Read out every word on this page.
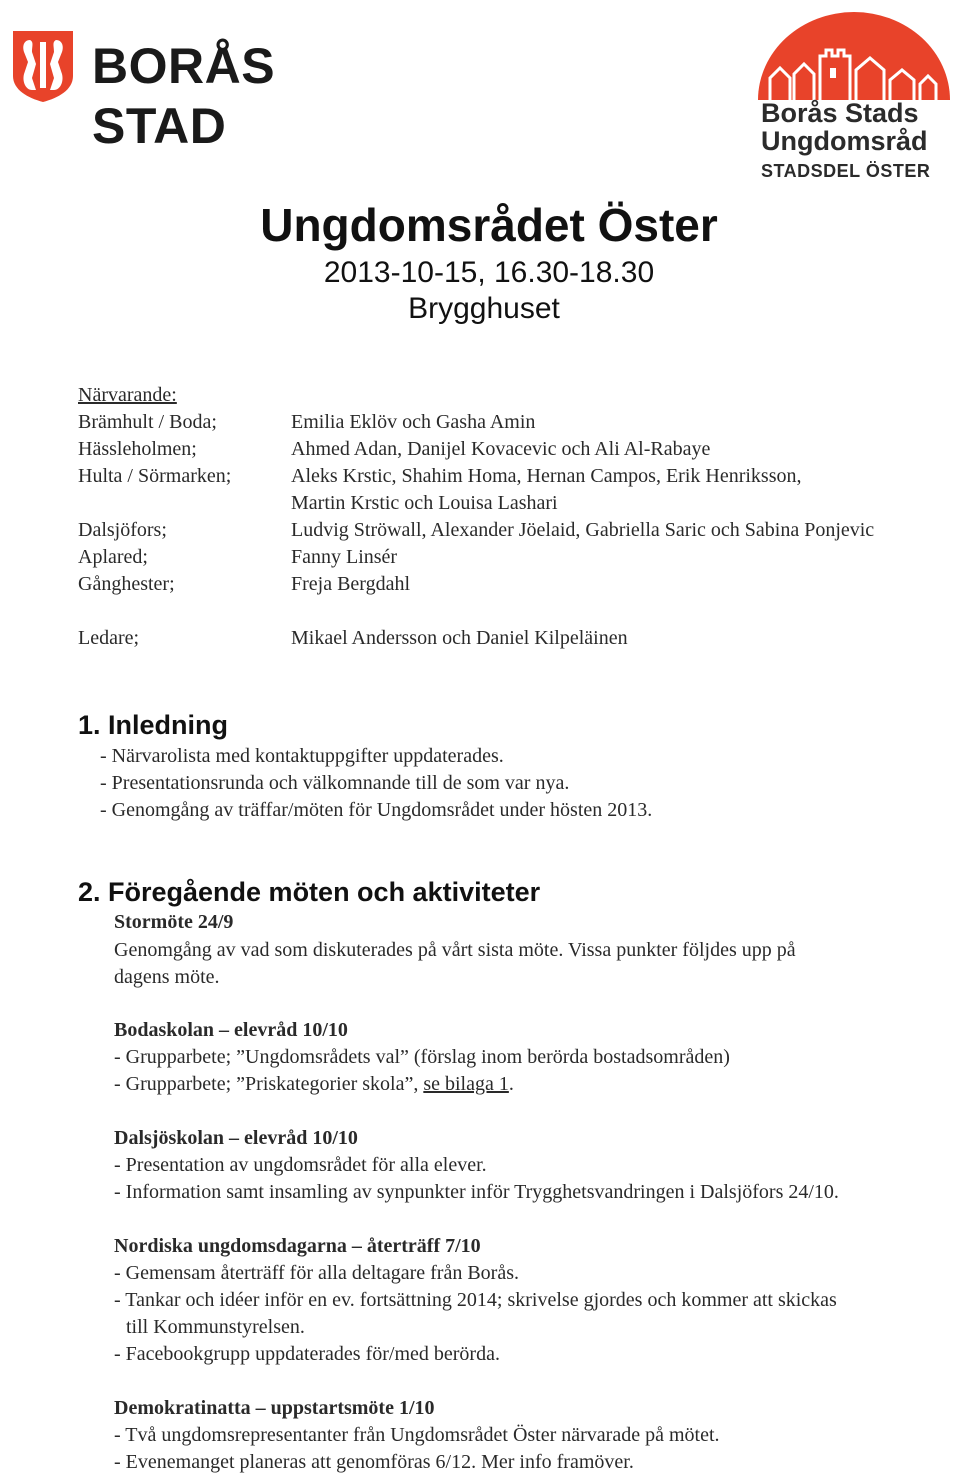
BORÅS STAD	Borås Stads
Ungdomsråd
STADSDEL ÖSTER
Ungdomsrådet Öster
2013-10-15, 16.30-18.30
Brygghuset
Närvarande:
Brämhult / Boda;	Emilia Eklöv och Gasha Amin
Hässleholmen;	Ahmed Adan, Danijel Kovacevic och Ali Al-Rabaye
Hulta / Sörmarken;	Aleks Krstic, Shahim Homa, Hernan Campos, Erik Henriksson,
Martin Krstic och Louisa Lashari
Dalsjöfors;	Ludvig Ströwall, Alexander Jöelaid, Gabriella Saric och Sabina Ponjevic
Aplared;	Fanny Linsér
Gånghester;	Freja Bergdahl
Ledare;	Mikael Andersson och Daniel Kilpeläinen
1. Inledning
- Närvarolista med kontaktuppgifter uppdaterades.
- Presentationsrunda och välkomnande till de som var nya.
- Genomgång av träffar/möten för Ungdomsrådet under hösten 2013.
2. Föregående möten och aktiviteter
Stormöte 24/9
Genomgång av vad som diskuterades på vårt sista möte. Vissa punkter följdes upp på
dagens möte.
Bodaskolan – elevråd 10/10
- Grupparbete; ”Ungdomsrådets val” (förslag inom berörda bostadsområden)
- Grupparbete; ”Priskategorier skola”, se bilaga 1.
Dalsjöskolan – elevråd 10/10
- Presentation av ungdomsrådet för alla elever.
- Information samt insamling av synpunkter inför Trygghetsvandringen i Dalsjöfors 24/10.
Nordiska ungdomsdagarna – återträff 7/10
- Gemensam återträff för alla deltagare från Borås.
- Tankar och idéer inför en ev. fortsättning 2014; skrivelse gjordes och kommer att skickas
till Kommunstyrelsen.
- Facebookgrupp uppdaterades för/med berörda.
Demokratinatta – uppstartsmöte 1/10
- Två ungdomsrepresentanter från Ungdomsrådet Öster närvarade på mötet.
- Evenemanget planeras att genomföras 6/12. Mer info framöver.
